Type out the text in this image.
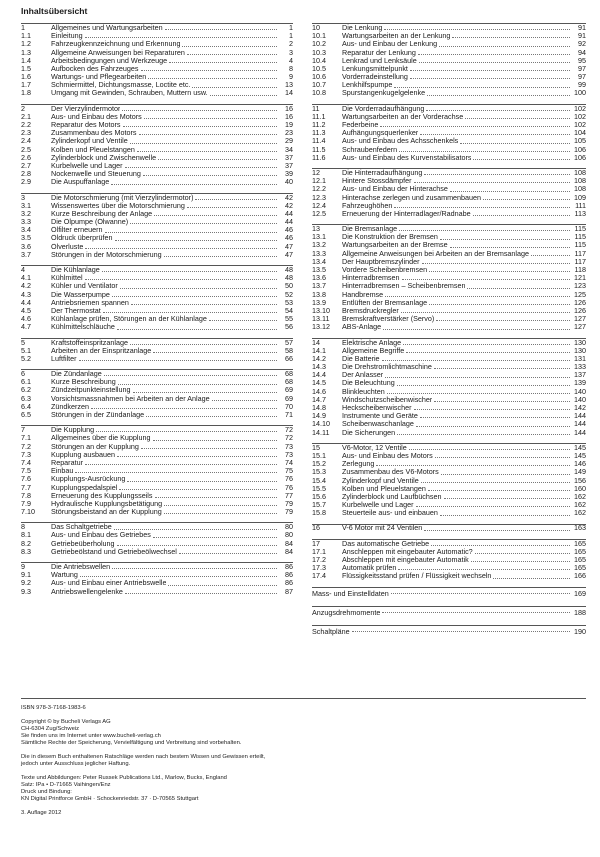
Inhaltsübersicht
1	Allgemeines und Wartungsarbeiten	1
1.1	Einleitung	1
1.2	Fahrzeugkennzeichnung und Erkennung	2
1.3	Allgemeine Anweisungen bei Reparaturen	3
1.4	Arbeitsbedingungen und Werkzeuge	4
1.5	Aufbocken des Fahrzeuges	8
1.6	Wartungs- und Pflegearbeiten	9
1.7	Schmiermittel, Dichtungsmasse, Loctite etc.	13
1.8	Umgang mit Gewinden, Schrauben, Muttern usw.	14
2	Der Vierzylindermotor	16
2.1	Aus- und Einbau des Motors	16
2.2	Reparatur des Motors	19
2.3	Zusammenbau des Motors	23
2.4	Zylinderkopf und Ventile	29
2.5	Kolben und Pleuelstangen	34
2.6	Zylinderblock und Zwischenwelle	37
2.7	Kurbelwelle und Lager	37
2.8	Nockenwelle und Steuerung	39
2.9	Die Auspuffanlage	40
3	Die Motorschmierung (mit Vierzylindermotor)	42
3.1	Wissenswertes über die Motorschmierung	42
3.2	Kurze Beschreibung der Anlage	44
3.3	Die Ölpumpe (Ölwanne)	44
3.4	Ölfilter erneuern	46
3.5	Öldruck überprüfen	46
3.6	Ölverluste	47
3.7	Störungen in der Motorschmierung	47
4	Die Kühlanlage	48
4.1	Kühlmittel	48
4.2	Kühler und Ventilator	50
4.3	Die Wasserpumpe	52
4.4	Antriebsriemen spannen	53
4.5	Der Thermostat	54
4.6	Kühlanlage prüfen, Störungen an der Kühlanlage	55
4.7	Kühlmittelschläuche	56
5	Kraftstoffeinspritzanlage	57
5.1	Arbeiten an der Einspritzanlage	58
5.2	Luftfilter	66
6	Die Zündanlage	68
6.1	Kurze Beschreibung	68
6.2	Zündzeitpunkteinstellung	69
6.3	Vorsichtsmassnahmen bei Arbeiten an der Anlage	69
6.4	Zündkerzen	70
6.5	Störungen in der Zündanlage	71
7	Die Kupplung	72
7.1	Allgemeines über die Kupplung	72
7.2	Störungen an der Kupplung	73
7.3	Kupplung ausbauen	73
7.4	Reparatur	74
7.5	Einbau	75
7.6	Kupplungs-Ausrückung	76
7.7	Kupplungspedalspiel	76
7.8	Erneuerung des Kupplungsseils	77
7.9	Hydraulische Kupplungsbetätigung	79
7.10	Störungsbeistand an der Kupplung	79
8	Das Schaltgetriebe	80
8.1	Aus- und Einbau des Getriebes	80
8.2	Getriebeüberholung	84
8.3	Getriebeölstand und Getriebeölwechsel	84
9	Die Antriebswellen	86
9.1	Wartung	86
9.2	Aus- und Einbau einer Antriebswelle	86
9.3	Antriebswellengelenke	87
10	Die Lenkung	91
10.1	Wartungsarbeiten an der Lenkung	91
10.2	Aus- und Einbau der Lenkung	92
10.3	Reparatur der Lenkung	94
10.4	Lenkrad und Lenksäule	95
10.5	Lenkungsmittelpunkt	97
10.6	Vorderradeinstellung	97
10.7	Lenkhilfspumpe	99
10.8	Spurstangenkugelgelenke	100
11	Die Vorderradaufhängung	102
11.1	Wartungsarbeiten an der Vorderachse	102
11.2	Federbeine	102
11.3	Aufhängungsquerlenker	104
11.4	Aus- und Einbau des Achsschenkels	105
11.5	Schraubenfedern	106
11.6	Aus- und Einbau des Kurvenstabilisators	106
12	Die Hinterradaufhängung	108
12.1	Hintere Stossdämpfer	108
12.2	Aus- und Einbau der Hinterachse	108
12.3	Hinterachse zerlegen und zusammenbauen	109
12.4	Fahrzeughöhen	111
12.5	Erneuerung der Hinterradlager/Radnabe	113
13	Die Bremsanlage	115
13.1	Die Konstruktion der Bremsen	115
13.2	Wartungsarbeiten an der Bremse	115
13.3	Allgemeine Anweisungen bei Arbeiten an der Bremsanlage	117
13.4	Der Hauptbremszylinder	117
13.5	Vordere Scheibenbremsen	118
13.6	Hinterradbremsen	121
13.7	Hinterradbremsen – Scheibenbremsen	123
13.8	Handbremse	125
13.9	Entlüften der Bremsanlage	126
13.10	Bremsdruckregler	126
13.11	Bremskraftverstärker (Servo)	127
13.12	ABS-Anlage	127
14	Elektrische Anlage	130
14.1	Allgemeine Begriffe	130
14.2	Die Batterie	131
14.3	Die Drehstromlichtmaschine	133
14.4	Der Anlasser	137
14.5	Die Beleuchtung	139
14.6	Blinkleuchten	140
14.7	Windschutzscheibenwischer	140
14.8	Heckscheibenwischer	142
14.9	Instrumente und Geräte	144
14.10	Scheibenwaschanlage	144
14.11	Die Sicherungen	144
15	V6-Motor, 12 Ventile	145
15.1	Aus- und Einbau des Motors	145
15.2	Zerlegung	146
15.3	Zusammenbau des V6-Motors	149
15.4	Zylinderkopf und Ventile	156
15.5	Kolben und Pleuelstangen	160
15.6	Zylinderblock und Laufbüchsen	162
15.7	Kurbelwelle und Lager	162
15.8	Steuerteile aus- und einbauen	162
16	V-6 Motor mit 24 Ventilen	163
17	Das automatische Getriebe	165
17.1	Anschleppen mit eingebauter Automatic?	165
17.2	Abschleppen mit eingebauter Automatik	165
17.3	Automatik prüfen	165
17.4	Flüssigkeitsstand prüfen / Flüssigkeit wechseln	166
Mass- und Einstelldaten	169
Anzugsdrehmomente	188
Schaltpläne	190
ISBN 978-3-7168-1983-6
Copyright © by Bucheli Verlags AG
CH-6304 Zug/Schweiz
Sie finden uns im Internet unter www.bucheli-verlag.ch
Sämtliche Rechte der Speicherung, Vervielfältigung und Verbreitung sind vorbehalten.
Die in diesem Buch enthaltenen Ratschläge werden nach bestem Wissen und Gewissen erteilt,
jedoch unter Ausschluss jeglicher Haftung.
Texte und Abbildungen: Peter Russek Publications Ltd., Marlow, Bucks, England
Satz: IPa • D-71665 Vaihingen/Enz
Druck und Bindung:
KN Digital Printforce GmbH · Schockenriedstr. 37 · D-70565 Stuttgart
3. Auflage 2012
